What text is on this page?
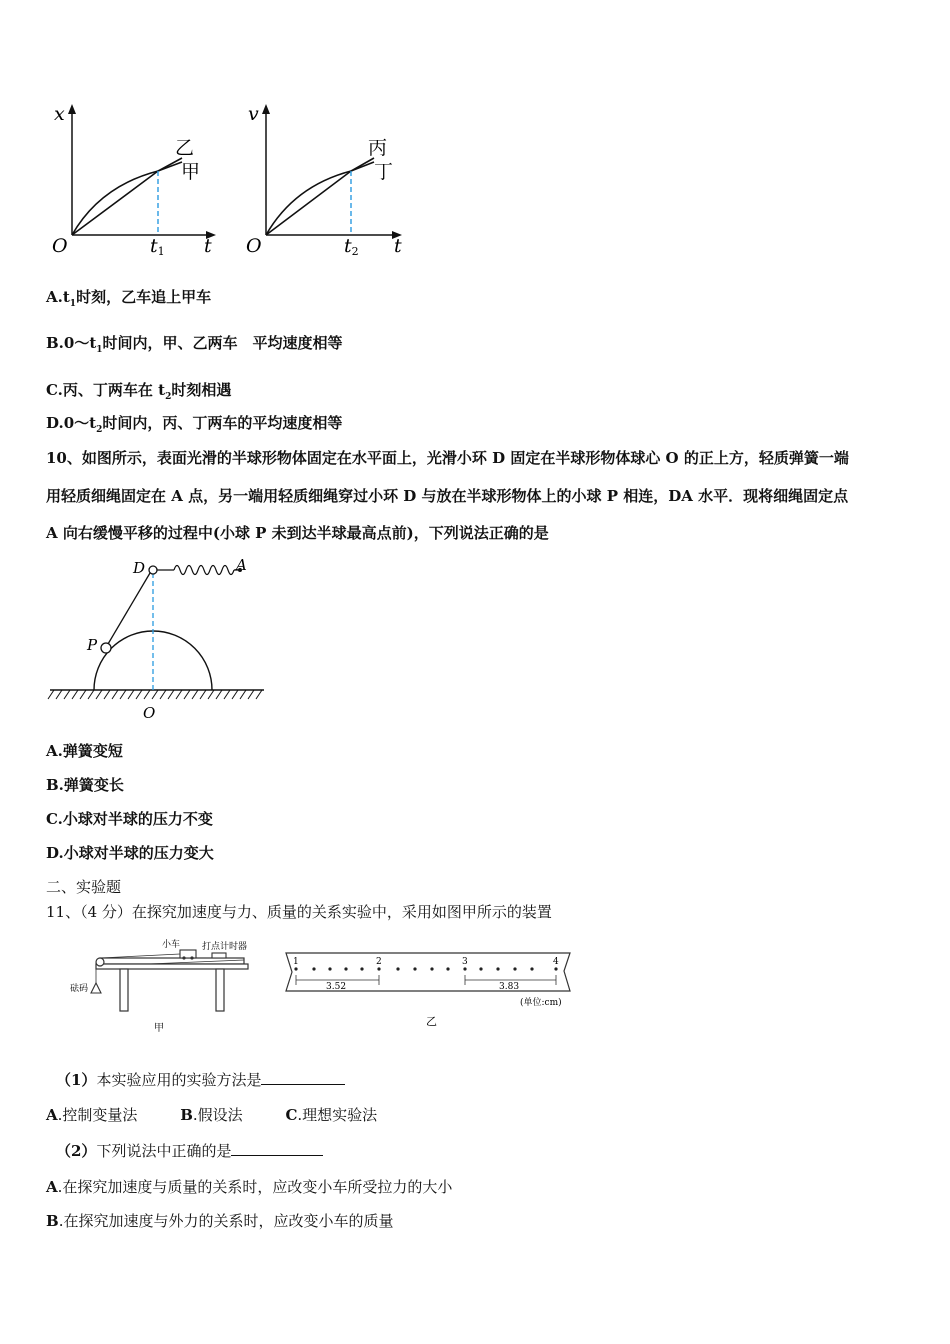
x
t
O
乙
甲
t1
v
t
O
丙
丁
t2
$A.t_1$时刻，乙车追上甲车
$B.0\sim t_1$时间内，甲、乙两车　平均速度相等
C.丙、丁两车在 $t_2$时刻相遇
$D.0\sim t_2$时间内，丙、丁两车的平均速度相等
10、如图所示，表面光滑的半球形物体固定在水平面上，光滑小环 D 固定在半球形物体球心 O 的正上方，轻质弹簧一端
用轻质细绳固定在 A 点，另一端用轻质细绳穿过小环 D 与放在半球形物体上的小球 P 相连，DA 水平．现将细绳固定点
A 向右缓慢平移的过程中(小球 P 未到达半球最高点前)，下列说法正确的是
D	A
P
O
A.弹簧变短
B.弹簧变长
C.小球对半球的压力不变
D.小球对半球的压力变大
二、实验题
11、（4 分）在探究加速度与力、质量的关系实验中，采用如图甲所示的装置
小车 打点计时器
砝码
甲
1	2	3	4
3.52	3.83
(单位:cm)
乙
（1）本实验应用的实验方法是
A.控制变量法	B.假设法	C.理想实验法
（2）下列说法中正确的是
A.在探究加速度与质量的关系时，应改变小车所受拉力的大小
B.在探究加速度与外力的关系时，应改变小车的质量
